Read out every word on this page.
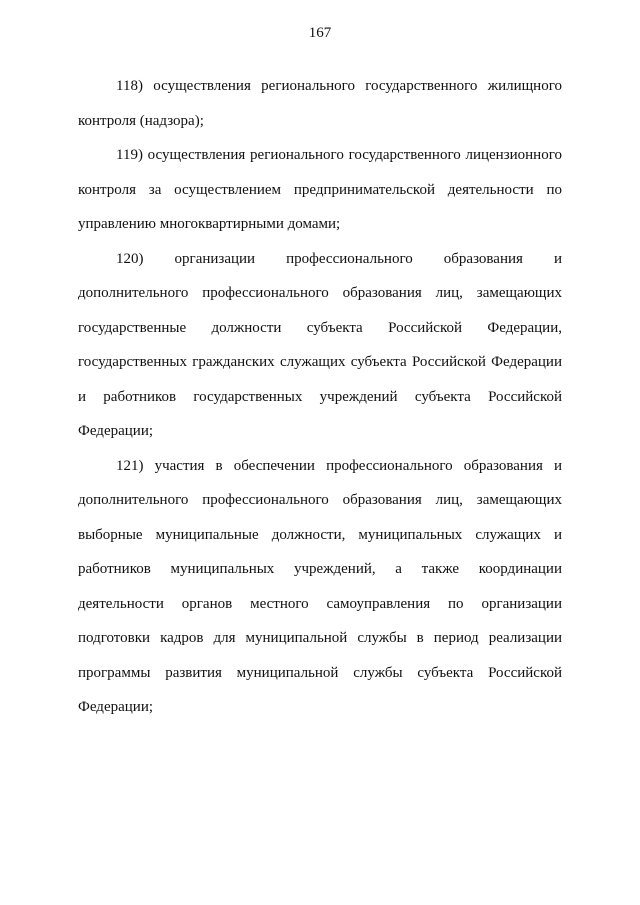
167
118) осуществления регионального государственного жилищного
контроля (надзора);
119) осуществления регионального государственного лицензионного
контроля за осуществлением предпринимательской деятельности по
управлению многоквартирными домами;
120) организации профессионального образования и
дополнительного профессионального образования лиц, замещающих
государственные должности субъекта Российской Федерации,
государственных гражданских служащих субъекта Российской Федерации
и работников государственных учреждений субъекта Российской
Федерации;
121) участия в обеспечении профессионального образования и
дополнительного профессионального образования лиц, замещающих
выборные муниципальные должности, муниципальных служащих и
работников муниципальных учреждений, а также координации
деятельности органов местного самоуправления по организации
подготовки кадров для муниципальной службы в период реализации
программы развития муниципальной службы субъекта Российской
Федерации;
